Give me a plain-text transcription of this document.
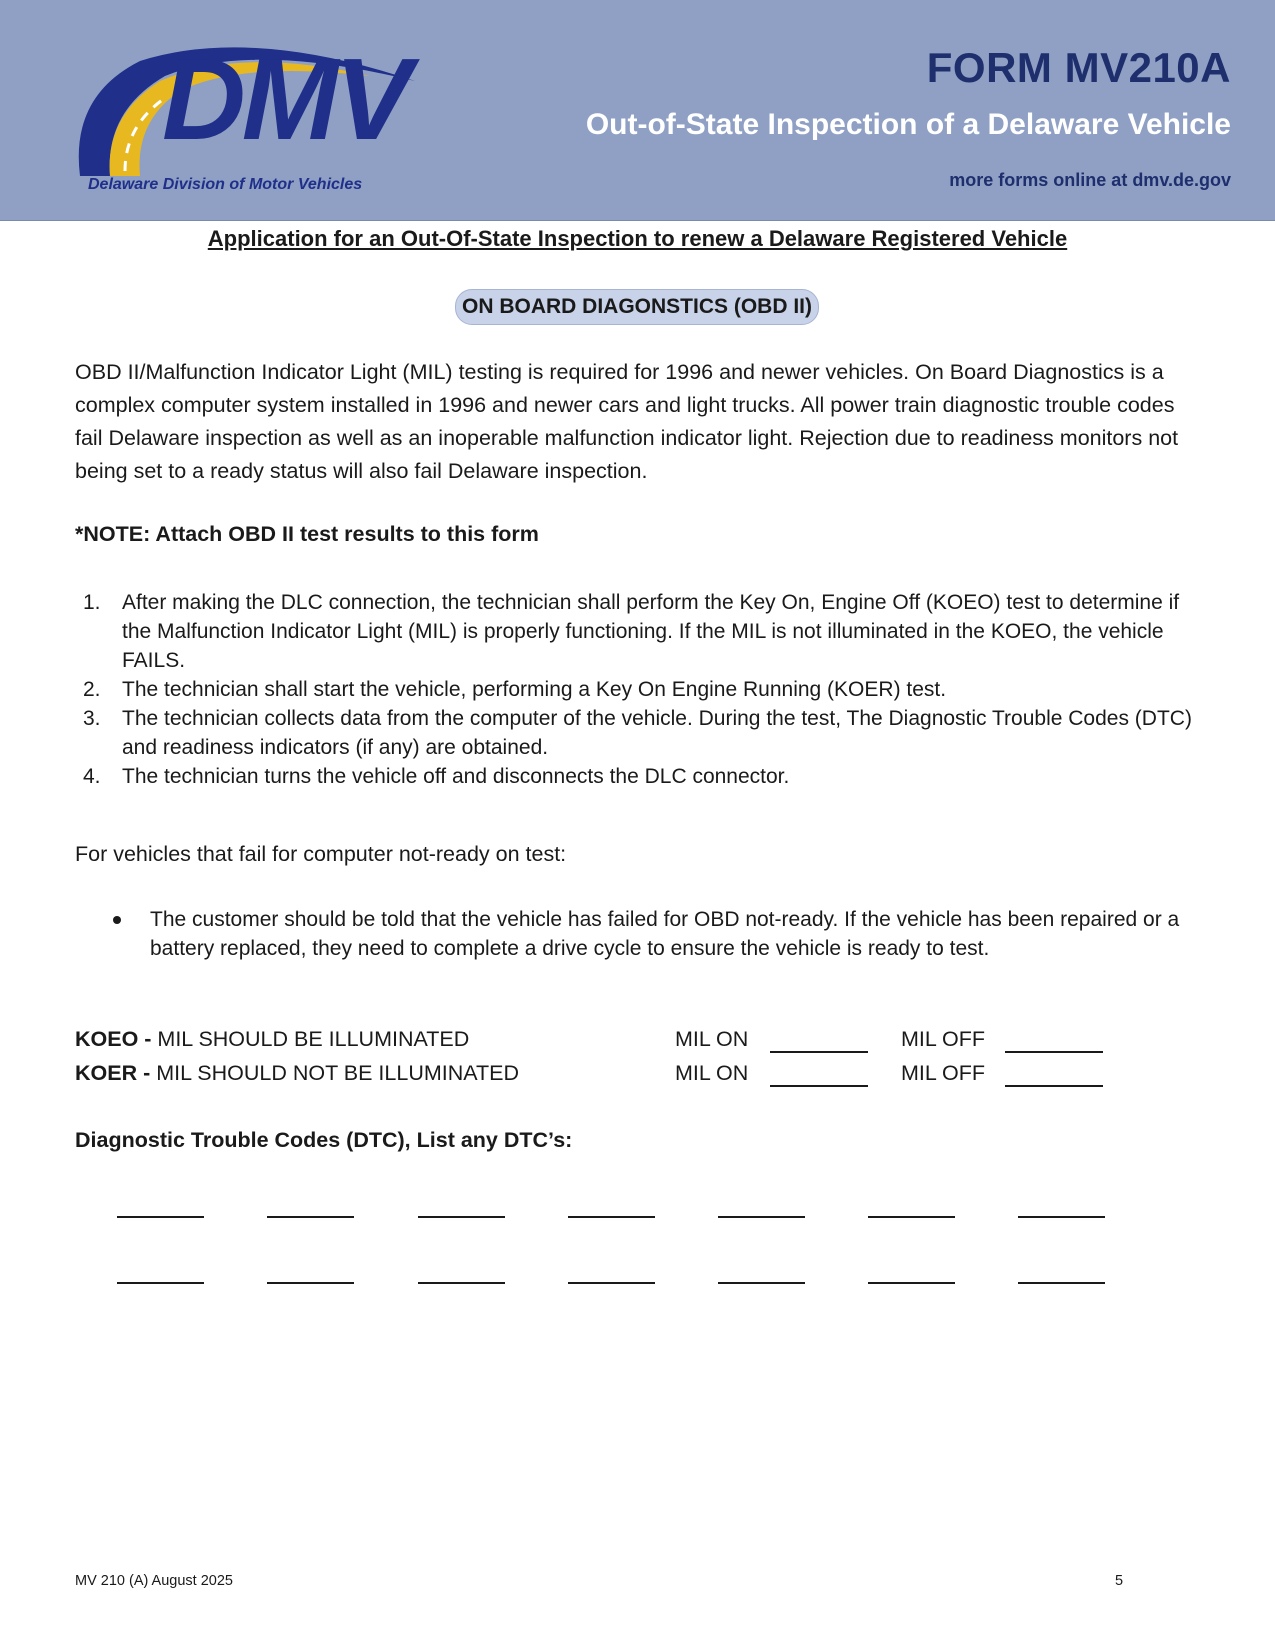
DMV
Delaware Division of Motor Vehicles
FORM MV210A
Out-of-State Inspection of a Delaware Vehicle
more forms online at dmv.de.gov
Application for an Out-Of-State Inspection to renew a Delaware Registered Vehicle
ON BOARD DIAGONSTICS (OBD II)

OBD II/Malfunction Indicator Light (MIL) testing is required for 1996 and newer vehicles. On Board Diagnostics is a complex computer system installed in 1996 and newer cars and light trucks. All power train diagnostic trouble codes fail Delaware inspection as well as an inoperable malfunction indicator light. Rejection due to readiness monitors not being set to a ready status will also fail Delaware inspection.

*NOTE: Attach OBD II test results to this form
1. After making the DLC connection, the technician shall perform the Key On, Engine Off (KOEO) test to determine if the Malfunction Indicator Light (MIL) is properly functioning. If the MIL is not illuminated in the KOEO, the vehicle FAILS.
2. The technician shall start the vehicle, performing a Key On Engine Running (KOER) test.
3. The technician collects data from the computer of the vehicle. During the test, The Diagnostic Trouble Codes (DTC) and readiness indicators (if any) are obtained.
4. The technician turns the vehicle off and disconnects the DLC connector.
For vehicles that fail for computer not-ready on test:
The customer should be told that the vehicle has failed for OBD not-ready. If the vehicle has been repaired or a battery replaced, they need to complete a drive cycle to ensure the vehicle is ready to test.
KOEO - MIL SHOULD BE ILLUMINATED	MIL ON	MIL OFF
KOER - MIL SHOULD NOT BE ILLUMINATED	MIL ON	MIL OFF
Diagnostic Trouble Codes (DTC), List any DTC’s:
MV 210 (A) August 2025	5
